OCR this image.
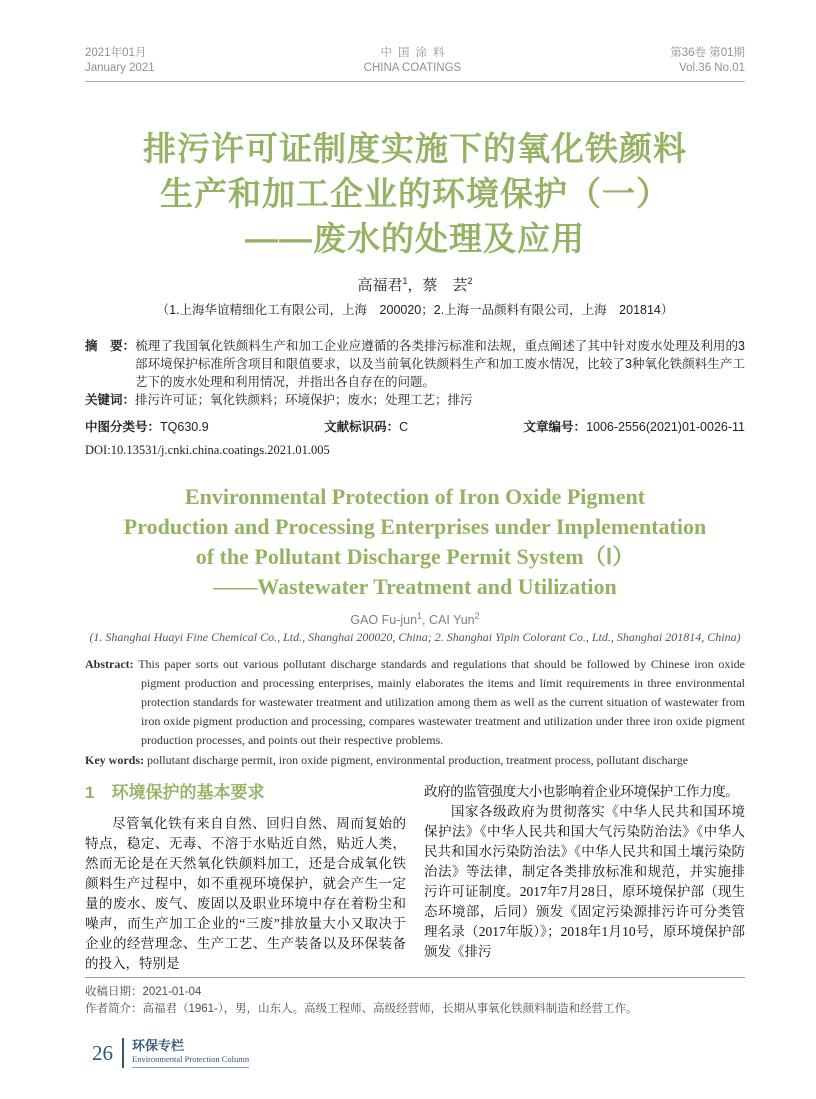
2021年01月
January 2021
中国涂料
CHINA COATINGS
第36卷 第01期
Vol.36 No.01
排污许可证制度实施下的氧化铁颜料
生产和加工企业的环境保护（一）
——废水的处理及应用
高福君$^1$，蔡　芸$^2$
（1.上海华谊精细化工有限公司，上海　200020；2.上海一品颜料有限公司，上海　201814）

摘　要：梳理了我国氧化铁颜料生产和加工企业应遵循的各类排污标准和法规，重点阐述了其中针对废水处理及利用的3部环境保护标准所含项目和限值要求，以及当前氧化铁颜料生产和加工废水情况，比较了3种氧化铁颜料生产工艺下的废水处理和利用情况，并指出各自存在的问题。

关键词：排污许可证；氧化铁颜料；环境保护；废水；处理工艺；排污

中图分类号：TQ630.9	文献标识码：C	文章编号：1006-2556(2021)01-0026-11
DOI:10.13531/j.cnki.china.coatings.2021.01.005
Environmental Protection of Iron Oxide Pigment
Production and Processing Enterprises under Implementation
of the Pollutant Discharge Permit System（Ⅰ）
——Wastewater Treatment and Utilization
GAO Fu-jun$^1$, CAI Yun$^2$
(1. Shanghai Huayi Fine Chemical Co., Ltd., Shanghai 200020, China; 2. Shanghai Yipin Colorant Co., Ltd., Shanghai 201814, China)

Abstract: This paper sorts out various pollutant discharge standards and regulations that should be followed by Chinese iron oxide pigment production and processing enterprises, mainly elaborates the items and limit requirements in three environmental protection standards for wastewater treatment and utilization among them as well as the current situation of wastewater from iron oxide pigment production and processing, compares wastewater treatment and utilization under three iron oxide pigment production processes, and points out their respective problems.

Key words: pollutant discharge permit, iron oxide pigment, environmental production, treatment process, pollutant discharge

1　环境保护的基本要求

尽管氧化铁有来自自然、回归自然、周而复始的特点，稳定、无毒、不溶于水贴近自然，贴近人类，然而无论是在天然氧化铁颜料加工，还是合成氧化铁颜料生产过程中，如不重视环境保护，就会产生一定量的废水、废气、废固以及职业环境中存在着粉尘和噪声，而生产加工企业的“三废”排放量大小又取决于企业的经营理念、生产工艺、生产装备以及环保装备的投入，特别是

政府的监管强度大小也影响着企业环境保护工作力度。

国家各级政府为贯彻落实《中华人民共和国环境保护法》《中华人民共和国大气污染防治法》《中华人民共和国水污染防治法》《中华人民共和国土壤污染防治法》等法律，制定各类排放标准和规范，并实施排污许可证制度。2017年7月28日，原环境保护部（现生态环境部，后同）颁发《固定污染源排污许可分类管理名录（2017年版）》；2018年1月10号，原环境保护部颁发《排污

收稿日期：2021-01-04
作者简介：高福君（1961-），男，山东人。高级工程师、高级经营师，长期从事氧化铁颜料制造和经营工作。
26	环保专栏
Environmental Protection Column
